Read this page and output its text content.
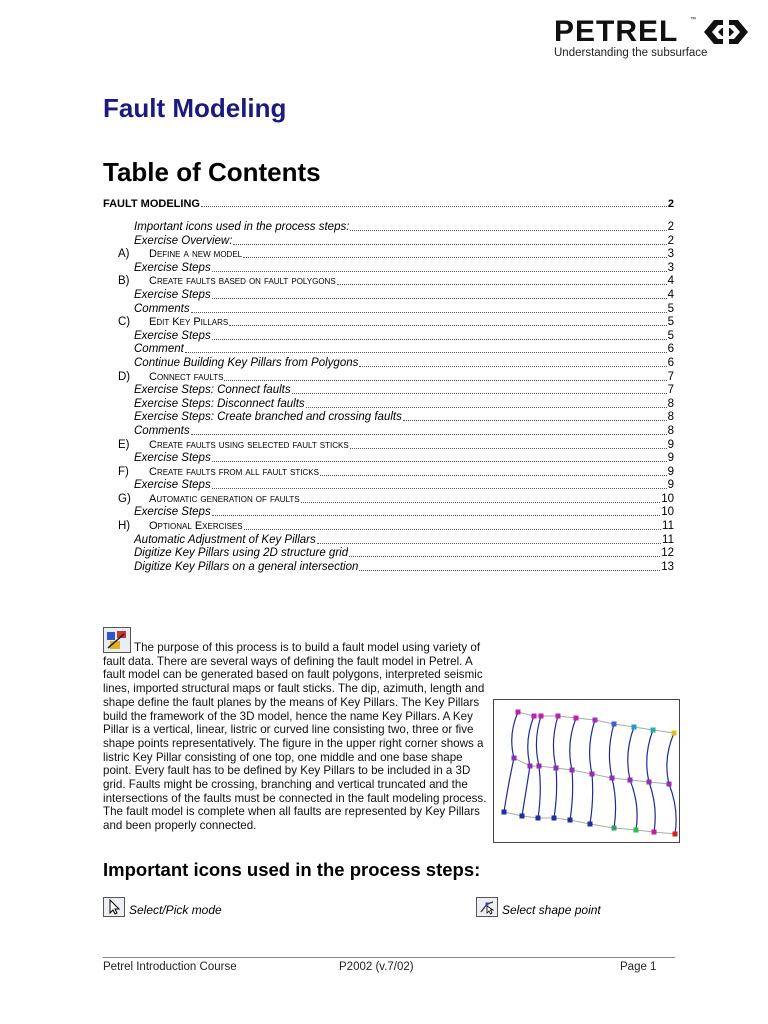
PETREL ™
Understanding the subsurface
Fault Modeling
Table of Contents
FAULT MODELING	2
Important icons used in the process steps:	2
Exercise Overview:	2
A)	Define a new model	3
Exercise Steps	3
B)	Create faults based on fault polygons	4
Exercise Steps	4
Comments	5
C)	Edit Key Pillars	5
Exercise Steps	5
Comment	6
Continue Building Key Pillars from Polygons	6
D)	Connect faults	7
Exercise Steps: Connect faults	7
Exercise Steps: Disconnect faults	8
Exercise Steps: Create branched and crossing faults	8
Comments	8
E)	Create faults using selected fault sticks	9
Exercise Steps	9
F)	Create faults from all fault sticks	9
Exercise Steps	9
G)	Automatic generation of faults	10
Exercise Steps	10
H)	Optional Exercises	11
Automatic Adjustment of Key Pillars	11
Digitize Key Pillars using 2D structure grid	12
Digitize Key Pillars on a general intersection	13

The purpose of this process is to build a fault model using variety of fault data. There are several ways of defining the fault model in Petrel. A fault model can be generated based on fault polygons, interpreted seismic lines, imported structural maps or fault sticks. The dip, azimuth, length and shape define the fault planes by the means of Key Pillars. The Key Pillars build the framework of the 3D model, hence the name Key Pillars. A Key Pillar is a vertical, linear, listric or curved line consisting two, three or five shape points representatively. The figure in the upper right corner shows a listric Key Pillar consisting of one top, one middle and one base shape point. Every fault has to be defined by Key Pillars to be included in a 3D grid. Faults might be crossing, branching and vertical truncated and the intersections of the faults must be connected in the fault modeling process. The fault model is complete when all faults are represented by Key Pillars and been properly connected.

Important icons used in the process steps:
Select/Pick mode	Select shape point
Petrel Introduction Course	P2002 (v.7/02)	Page 1
